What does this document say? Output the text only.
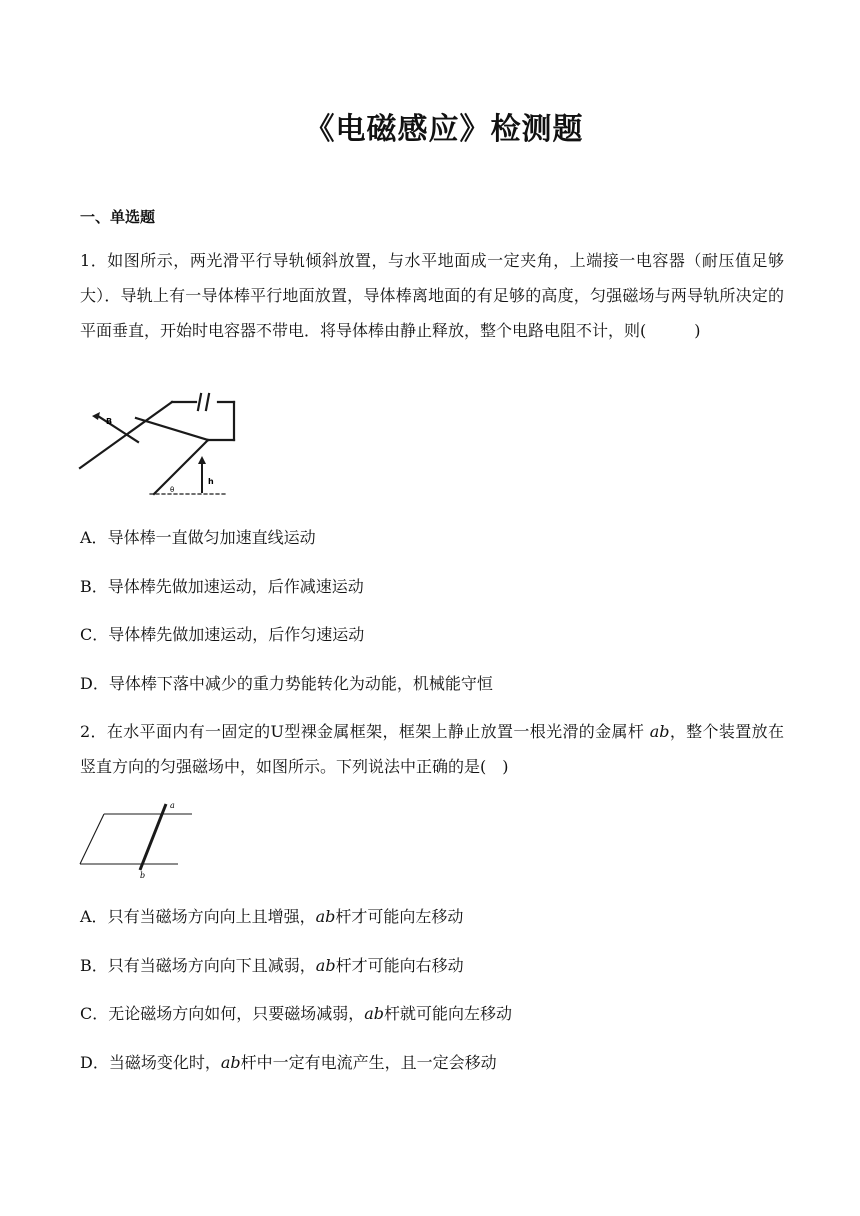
《电磁感应》检测题
一、单选题

1．如图所示，两光滑平行导轨倾斜放置，与水平地面成一定夹角，上端接一电容器（耐压值足够大）．导轨上有一导体棒平行地面放置，导体棒离地面的有足够的高度，匀强磁场与两导轨所决定的平面垂直，开始时电容器不带电．将导体棒由静止释放，整个电路电阻不计，则(　　　)

B
h
θ
A．导体棒一直做匀加速直线运动
B．导体棒先做加速运动，后作减速运动
C．导体棒先做加速运动，后作匀速运动
D．导体棒下落中减少的重力势能转化为动能，机械能守恒

2．在水平面内有一固定的U型裸金属框架，框架上静止放置一根光滑的金属杆 ab，整个装置放在竖直方向的匀强磁场中，如图所示。下列说法中正确的是(　)

a
b
A．只有当磁场方向向上且增强，ab杆才可能向左移动
B．只有当磁场方向向下且减弱，ab杆才可能向右移动
C．无论磁场方向如何，只要磁场减弱，ab杆就可能向左移动
D．当磁场变化时，ab杆中一定有电流产生，且一定会移动
